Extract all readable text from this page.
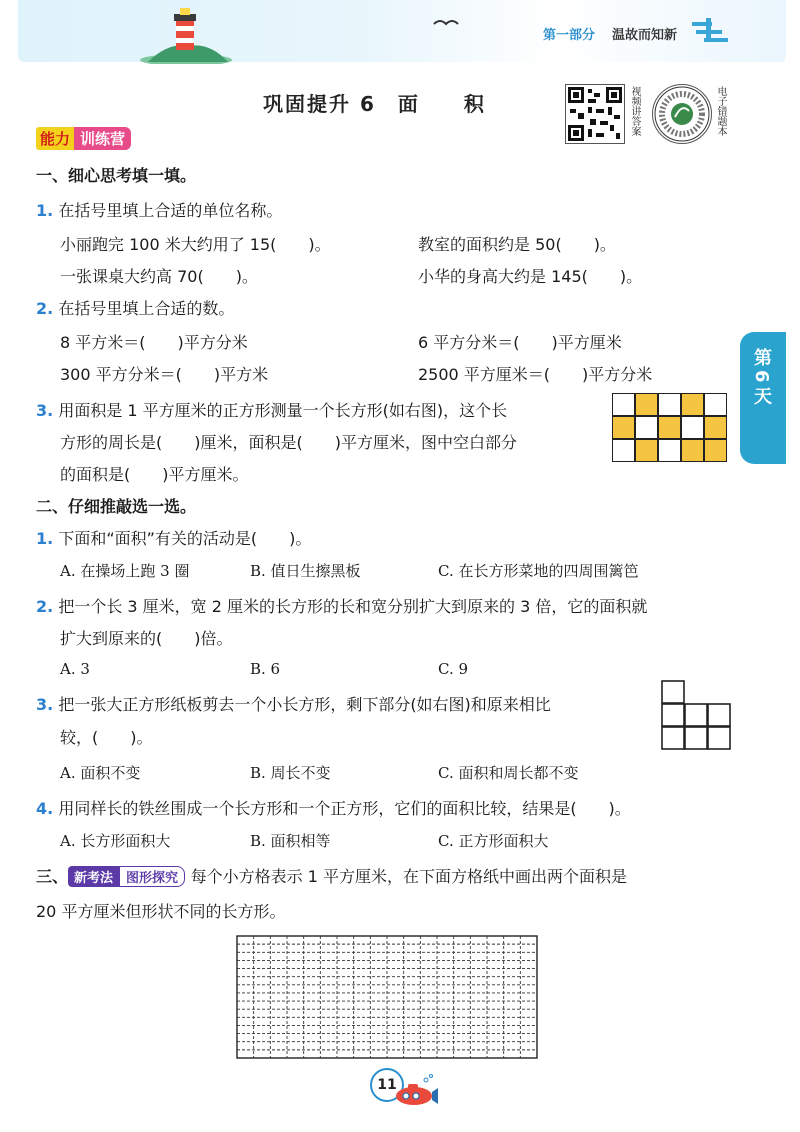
第一部分 温故而知新
巩固提升 6　面　　积	视频讲答案	电子错题本
能力 训练营
第6天
一、细心思考填一填。
1. 在括号里填上合适的单位名称。
小丽跑完 100 米大约用了 15(　　)。	教室的面积约是 50(　　)。
一张课桌大约高 70(　　)。	小华的身高大约是 145(　　)。
2. 在括号里填上合适的数。
8 平方米＝(　　)平方分米	6 平方分米＝(　　)平方厘米
300 平方分米＝(　　)平方米	2500 平方厘米＝(　　)平方分米
3. 用面积是 1 平方厘米的正方形测量一个长方形(如右图)，这个长
方形的周长是(　　)厘米，面积是(　　)平方厘米，图中空白部分
的面积是(　　)平方厘米。
二、仔细推敲选一选。
1. 下面和“面积”有关的活动是(　　)。
A. 在操场上跑 3 圈	B. 值日生擦黑板	C. 在长方形菜地的四周围篱笆
2. 把一个长 3 厘米，宽 2 厘米的长方形的长和宽分别扩大到原来的 3 倍，它的面积就
扩大到原来的(　　)倍。
A. 3	B. 6	C. 9
3. 把一张大正方形纸板剪去一个小长方形，剩下部分(如右图)和原来相比
较，(　　)。
A. 面积不变	B. 周长不变	C. 面积和周长都不变
4. 用同样长的铁丝围成一个长方形和一个正方形，它们的面积比较，结果是(　　)。
A. 长方形面积大	B. 面积相等	C. 正方形面积大
三、 新考法 图形探究 每个小方格表示 1 平方厘米，在下面方格纸中画出两个面积是
20 平方厘米但形状不同的长方形。
11
